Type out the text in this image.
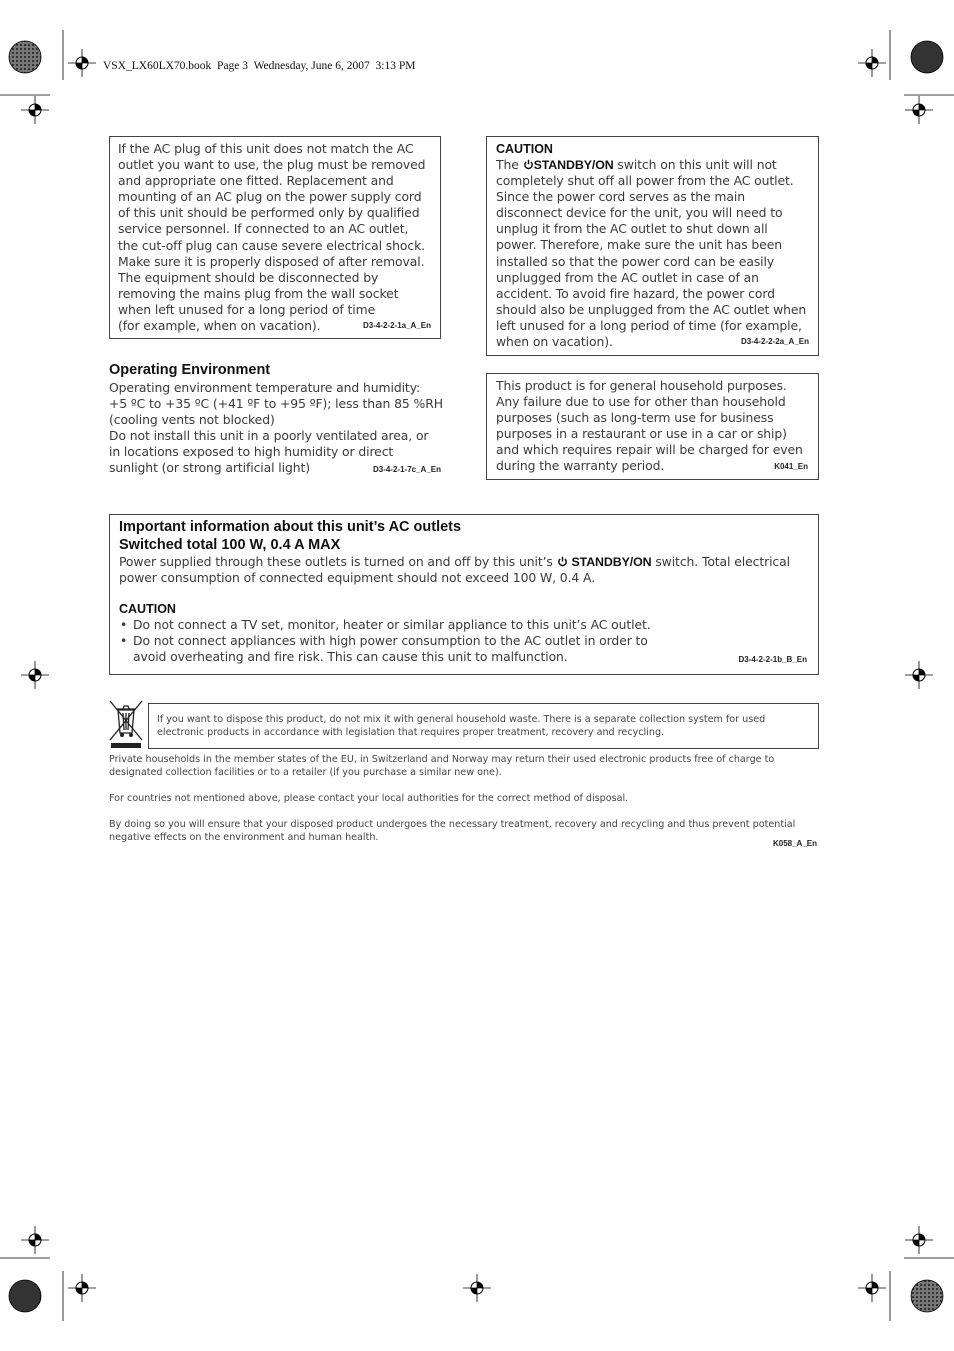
VSX_LX60LX70.book Page 3 Wednesday, June 6, 2007 3:13 PM

If the AC plug of this unit does not match the AC outlet you want to use, the plug must be removed and appropriate one fitted. Replacement and mounting of an AC plug on the power supply cord of this unit should be performed only by qualified service personnel. If connected to an AC outlet, the cut-off plug can cause severe electrical shock. Make sure it is properly disposed of after removal.

The equipment should be disconnected by removing the mains plug from the wall socket when left unused for a long period of time (for example, when on vacation).	D3-4-2-2-1a_A_En

CAUTION

The STANDBY/ON switch on this unit will not completely shut off all power from the AC outlet. Since the power cord serves as the main disconnect device for the unit, you will need to unplug it from the AC outlet to shut down all power. Therefore, make sure the unit has been installed so that the power cord can be easily unplugged from the AC outlet in case of an accident. To avoid fire hazard, the power cord should also be unplugged from the AC outlet when left unused for a long period of time (for example, when on vacation).	D3-4-2-2-2a_A_En
Operating Environment

Operating environment temperature and humidity:

+5 ºC to +35 ºC (+41 ºF to +95 ºF); less than 85 %RH (cooling vents not blocked)

Do not install this unit in a poorly ventilated area, or in locations exposed to high humidity or direct sunlight (or strong artificial light)	D3-4-2-1-7c_A_En

This product is for general household purposes. Any failure due to use for other than household purposes (such as long-term use for business purposes in a restaurant or use in a car or ship) and which requires repair will be charged for even during the warranty period.	K041_En
Important information about this unit’s AC outlets
Switched total 100 W, 0.4 A MAX

Power supplied through these outlets is turned on and off by this unit’s  STANDBY/ON switch. Total electrical power consumption of connected equipment should not exceed 100 W, 0.4 A.

CAUTION

• Do not connect a TV set, monitor, heater or similar appliance to this unit’s AC outlet.
• Do not connect appliances with high power consumption to the AC outlet in order to avoid overheating and fire risk. This can cause this unit to malfunction.	D3-4-2-2-1b_B_En

If you want to dispose this product, do not mix it with general household waste. There is a separate collection system for used electronic products in accordance with legislation that requires proper treatment, recovery and recycling.

Private households in the member states of the EU, in Switzerland and Norway may return their used electronic products free of charge to designated collection facilities or to a retailer (if you purchase a similar new one).

For countries not mentioned above, please contact your local authorities for the correct method of disposal.

By doing so you will ensure that your disposed product undergoes the necessary treatment, recovery and recycling and thus prevent potential negative effects on the environment and human health.

K058_A_En
